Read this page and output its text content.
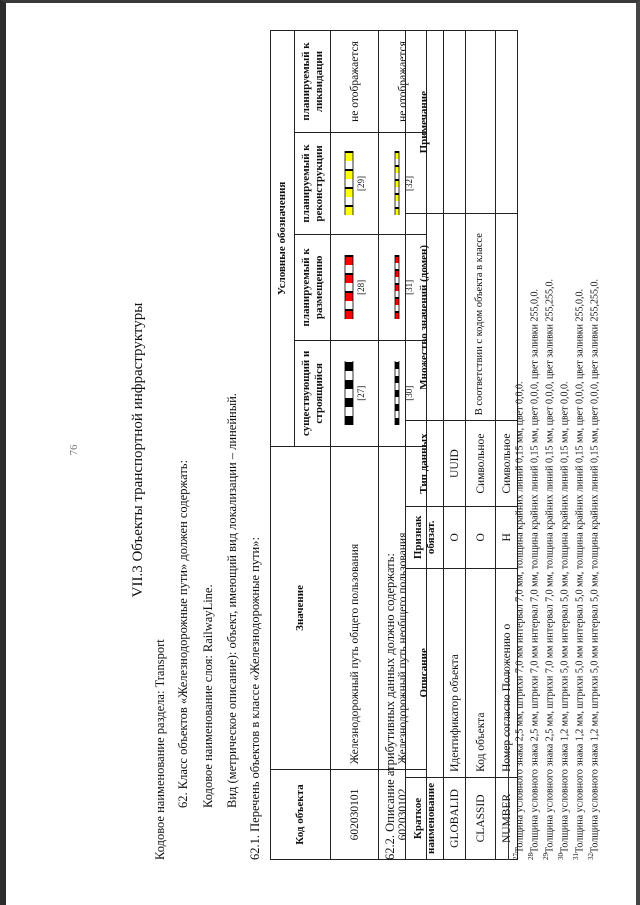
76	VII.3 Объекты транспортной инфраструктуры
Кодовое наименование раздела: Transport 62. Класс объектов «Железнодорожные пути» должен содержать: Кодовое наименование слоя: RailwayLine. Вид (метрическое описание): объект, имеющий вид локализации – линейный. 62.1. Перечень объектов в классе «Железнодорожные пути»:	Код объекта	Значение	Условные обозначения			
		существующий и строящийся	планируемый к размещению	планируемый к реконструкции	планируемый к ликвидации
602030101	Железнодорожный путь общего пользования	[27]	[28]	[29]	не отображается
602030102	Железнодорожный путь необщего пользования	[30]	[31]	[32]	не отображается
62.2. Описание атрибутивных данных должно содержать: Краткое наименование	Описание	Признак обязат.	Тип данных	Множество значений (домен)	Примечание
GLOBALID	Идентификатор объекта	О	UUID		
CLASSID	Код объекта	О	Символьное	В соответствии с кодом объекта в классе	
NUMBER	Номер согласно Положению о	Н	Символьное		
$^{27}$Толщина условного знака 2,5 мм, штрихи 7,0 мм интервал 7,0 мм, толщина крайних линий 0,15 мм, цвет 0,0,0.
$^{28}$Толщина условного знака 2,5 мм, штрихи 7,0 мм интервал 7,0 мм, толщина крайних линий 0,15 мм, цвет 0,0,0, цвет заливки 255,0,0.
$^{29}$Толщина условного знака 2,5 мм, штрихи 7,0 мм интервал 7,0 мм, толщина крайних линий 0,15 мм, цвет 0,0,0, цвет заливки 255,255,0.
$^{30}$Толщина условного знака 1,2 мм, штрихи 5,0 мм интервал 5,0 мм, толщина крайних линий 0,15 мм, цвет 0,0,0.
$^{31}$Толщина условного знака 1,2 мм, штрихи 5,0 мм интервал 5,0 мм, толщина крайних линий 0,15 мм, цвет 0,0,0, цвет заливки 255,0,0.
$^{32}$Толщина условного знака 1,2 мм, штрихи 5,0 мм интервал 5,0 мм, толщина крайних линий 0,15 мм, цвет 0,0,0, цвет заливки 255,255,0.
